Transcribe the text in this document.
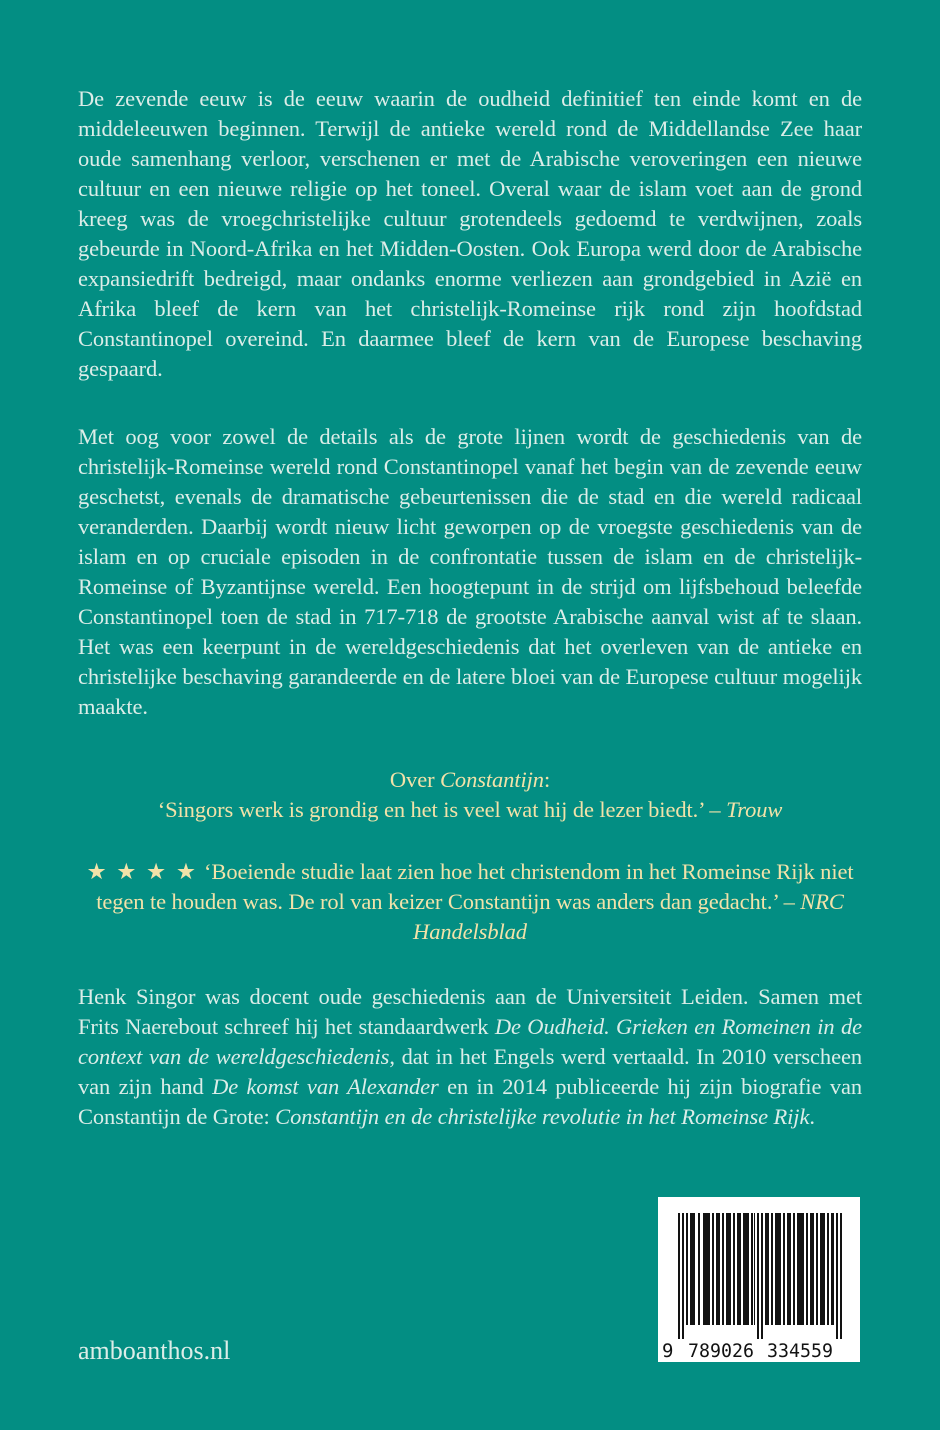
De zevende eeuw is de eeuw waarin de oudheid definitief ten einde komt en de middeleeuwen beginnen. Terwijl de antieke wereld rond de Middellandse Zee haar oude samenhang verloor, verschenen er met de Arabische veroveringen een nieuwe cultuur en een nieuwe religie op het toneel. Overal waar de islam voet aan de grond kreeg was de vroegchristelijke cultuur grotendeels gedoemd te verdwijnen, zoals gebeurde in Noord-Afrika en het Midden-Oosten. Ook Europa werd door de Arabische expansiedrift bedreigd, maar ondanks enorme verliezen aan grondgebied in Azië en Afrika bleef de kern van het christelijk-Romeinse rijk rond zijn hoofdstad Constantinopel overeind. En daarmee bleef de kern van de Europese beschaving gespaard.

Met oog voor zowel de details als de grote lijnen wordt de geschiedenis van de christelijk-Romeinse wereld rond Constantinopel vanaf het begin van de zevende eeuw geschetst, evenals de dramatische gebeurtenissen die de stad en die wereld radicaal veranderden. Daarbij wordt nieuw licht geworpen op de vroegste geschiedenis van de islam en op cruciale episoden in de confrontatie tussen de islam en de christelijk-Romeinse of Byzantijnse wereld. Een hoogtepunt in de strijd om lijfsbehoud beleefde Constantinopel toen de stad in 717-718 de grootste Arabische aanval wist af te slaan. Het was een keerpunt in de wereldgeschiedenis dat het overleven van de antieke en christelijke beschaving garandeerde en de latere bloei van de Europese cultuur mogelijk maakte.

Over Constantijn:

‘Singors werk is grondig en het is veel wat hij de lezer biedt.’ – Trouw

★ ★ ★ ★ ‘Boeiende studie laat zien hoe het christendom in het Romeinse Rijk niet tegen te houden was. De rol van keizer Constantijn was anders dan gedacht.’ – NRC Handelsblad

Henk Singor was docent oude geschiedenis aan de Universiteit Leiden. Samen met Frits Naerebout schreef hij het standaardwerk De Oudheid. Grieken en Romeinen in de context van de wereldgeschiedenis, dat in het Engels werd vertaald. In 2010 verscheen van zijn hand De komst van Alexander en in 2014 publiceerde hij zijn biografie van Constantijn de Grote: Constantijn en de christelijke revolutie in het Romeinse Rijk.

9 789026 334559

amboanthos.nl
